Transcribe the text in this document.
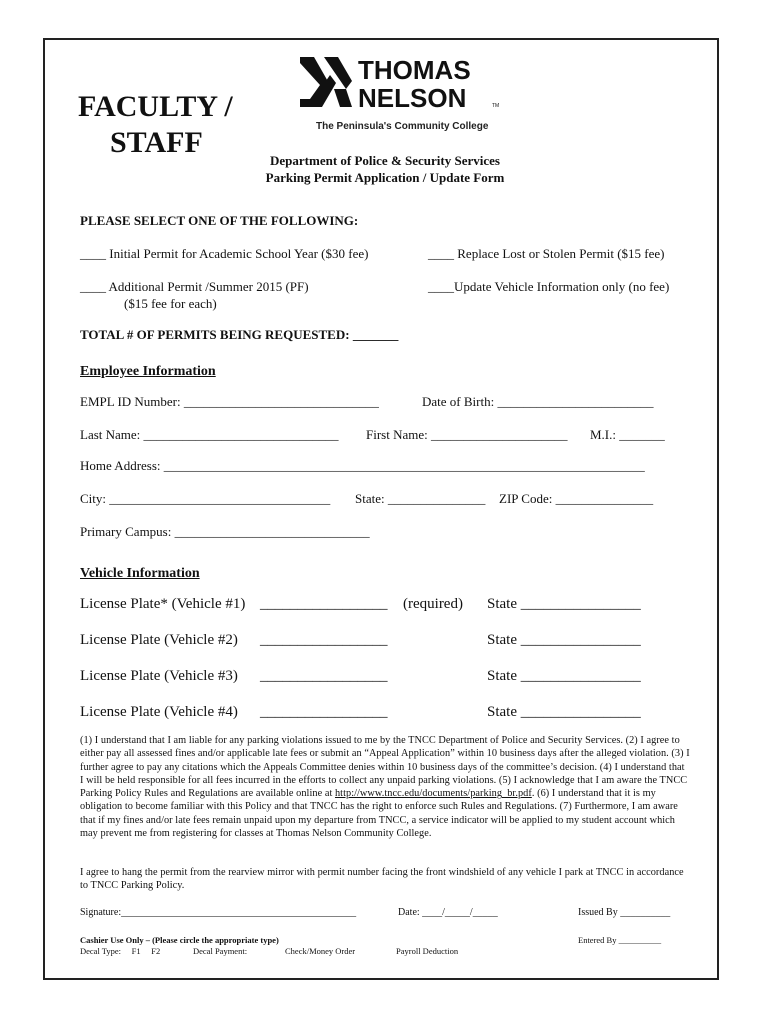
FACULTY /
STAFF
THOMAS
NELSON	TM
The Peninsula's Community College
Department of Police & Security Services
Parking Permit Application / Update Form
PLEASE SELECT ONE OF THE FOLLOWING:
____ Initial Permit for Academic School Year ($30 fee)	____ Replace Lost or Stolen Permit ($15 fee)
____ Additional Permit /Summer 2015 (PF)
($15 fee for each)
____Update Vehicle Information only (no fee)
TOTAL # OF PERMITS BEING REQUESTED: _______
Employee Information
EMPL ID Number: ______________________________	Date of Birth: ________________________
Last Name: ______________________________ First Name: _____________________ M.I.: _______
Home Address: __________________________________________________________________________
City: __________________________________ State: _______________ ZIP Code: _______________
Primary Campus: ______________________________
Vehicle Information
License Plate* (Vehicle #1) _________________ (required) State ________________
License Plate (Vehicle #2) _________________	State ________________
License Plate (Vehicle #3) _________________	State ________________
License Plate (Vehicle #4) _________________	State ________________

(1) I understand that I am liable for any parking violations issued to me by the TNCC Department of Police and Security Services. (2) I agree to either pay all assessed fines and/or applicable late fees or submit an “Appeal Application” within 10 business days after the alleged violation. (3) I further agree to pay any citations which the Appeals Committee denies within 10 business days of the committee’s decision. (4) I understand that I will be held responsible for all fees incurred in the efforts to collect any unpaid parking violations. (5) I acknowledge that I am aware the TNCC Parking Policy Rules and Regulations are available online at http://www.tncc.edu/documents/parking_br.pdf. (6) I understand that it is my obligation to become familiar with this Policy and that TNCC has the right to enforce such Rules and Regulations. (7) Furthermore, I am aware that if my fines and/or late fees remain unpaid upon my departure from TNCC, a service indicator will be applied to my student account which may prevent me from registering for classes at Thomas Nelson Community College.

I agree to hang the permit from the rearview mirror with permit number facing the front windshield of any vehicle I park at TNCC in accordance to TNCC Parking Policy.

Signature:_______________________________________________	Date: ____/_____/_____	Issued By __________
Cashier Use Only – (Please circle the appropriate type)	Entered By __________
Decal Type:     F1     F2	Decal Payment:	Check/Money Order	Payroll Deduction
